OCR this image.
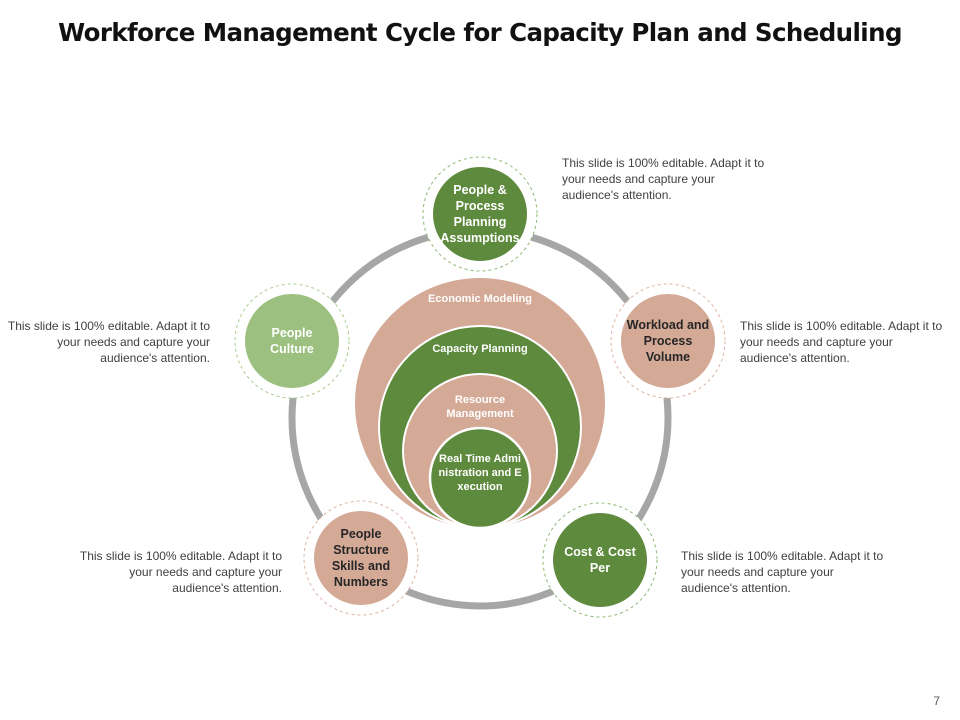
Workforce Management Cycle for Capacity Plan and Scheduling
People & Process Planning Assumptions
Workload and Process Volume
Cost & Cost Per
People Structure Skills and Numbers
People Culture
Economic Modeling
Capacity Planning
Resource Management
Real Time Administration and Execution
This slide is 100% editable. Adapt it to your needs and capture your audience's attention.
This slide is 100% editable. Adapt it to your needs and capture your audience's attention.
This slide is 100% editable. Adapt it to your needs and capture your audience's attention.
This slide is 100% editable. Adapt it to your needs and capture your audience's attention.
This slide is 100% editable. Adapt it to your needs and capture your audience's attention.
7
